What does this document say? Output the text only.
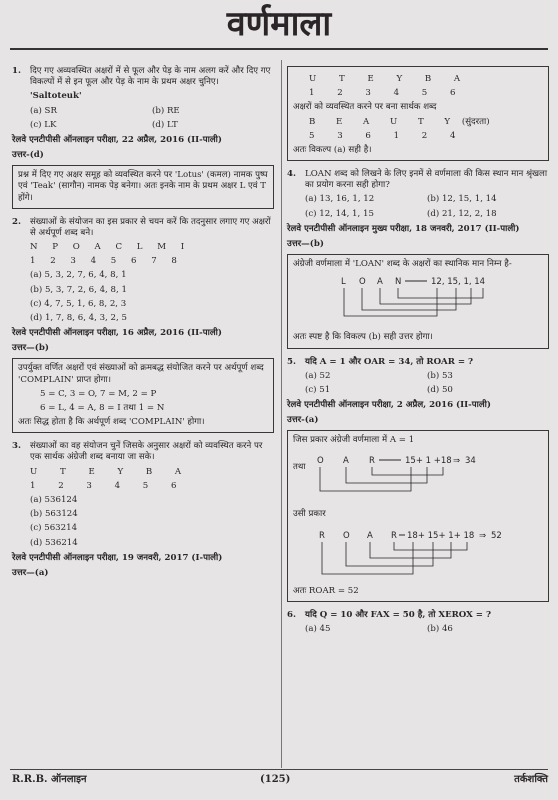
वर्णमाला
1.	दिए गए अव्यवस्थित अक्षरों में से फूल और पेड़ के नाम अलग करें और दिए गए विकल्पों में से इन फूल और पेड़ के नाम के प्रथम अक्षर चुनिए।
'Saltoteuk'
(a) SR	(b) RE
(c) LK	(d) LT
रेलवे एनटीपीसी ऑनलाइन परीक्षा, 22 अप्रैल, 2016 (II-पाली)
उत्तर-(d)
प्रश्न में दिए गए अक्षर समूह को व्यवस्थित करने पर 'Lotus' (कमल) नामक पुष्प एवं 'Teak' (सागौन) नामक पेड़ बनेगा। अतः इनके नाम के प्रथम अक्षर L एवं T होंगे।
2.	संख्याओं के संयोजन का इस प्रकार से चयन करें कि तदनुसार लगाए गए अक्षरों से अर्थपूर्ण शब्द बने।
N P O A C L M I
1 2 3 4 5 6 7 8
(a) 5, 3, 2, 7, 6, 4, 8, 1
(b) 5, 3, 7, 2, 6, 4, 8, 1
(c) 4, 7, 5, 1, 6, 8, 2, 3
(d) 1, 7, 8, 6, 4, 3, 2, 5
रेलवे एनटीपीसी ऑनलाइन परीक्षा, 16 अप्रैल, 2016 (II-पाली)
उत्तर—(b)
उपर्युक्त वर्णित अक्षरों एवं संख्याओं को क्रमबद्ध संयोजित करने पर अर्थपूर्ण शब्द 'COMPLAIN' प्राप्त होगा।
5 = C, 3 = O, 7 = M, 2 = P
6 = L, 4 = A, 8 = I तथा 1 = N
अतः सिद्ध होता है कि अर्थपूर्ण शब्द 'COMPLAIN' होगा।
3.	संख्याओं का वह संयोजन चुनें जिसके अनुसार अक्षरों को व्यवस्थित करने पर एक सार्थक अंग्रेजी शब्द बनाया जा सके।
U T E Y B A
1 2 3 4 5 6
(a) 536124
(b) 563124
(c) 563214
(d) 536214
रेलवे एनटीपीसी ऑनलाइन परीक्षा, 19 जनवरी, 2017 (I-पाली)
उत्तर—(a)
U T E Y B A
1 2 3 4 5 6
अक्षरों को व्यवस्थित करने पर बना सार्थक शब्द
B E A U T Y (सुंदरता)
5 3 6 1 2 4
अतः विकल्प (a) सही है।
4.	LOAN शब्द को लिखने के लिए इनमें से वर्णमाला की किस स्थान मान श्रृंखला का प्रयोग करना सही होगा?
(a) 13, 16, 1, 12	(b) 12, 15, 1, 14
(c) 12, 14, 1, 15	(d) 21, 12, 2, 18
रेलवे एनटीपीसी ऑनलाइन मुख्य परीक्षा, 18 जनवरी, 2017 (II-पाली)
उत्तर—(b)
अंग्रेजी वर्णमाला में 'LOAN' शब्द के अक्षरों का स्थानिक मान निम्न है-
L O A N	12, 15, 1, 14
अतः स्पष्ट है कि विकल्प (b) सही उत्तर होगा।
5.	यदि A = 1 और OAR = 34, तो ROAR = ?
(a) 52	(b) 53
(c) 51	(d) 50
रेलवे एनटीपीसी ऑनलाइन परीक्षा, 2 अप्रैल, 2016 (II-पाली)
उत्तर-(a)
जिस प्रकार अंग्रेजी वर्णमाला में A = 1
तथा
O A R	15+ 1 +18 ⇒ 34
उसी प्रकार
R O A R 18+ 15+ 1+ 18 ⇒ 52
अतः ROAR = 52
6.	यदि Q = 10 और FAX = 50 है, तो XEROX = ?
(a) 45	(b) 46
R.R.B. ऑनलाइन	(125)	तर्कशक्ति
